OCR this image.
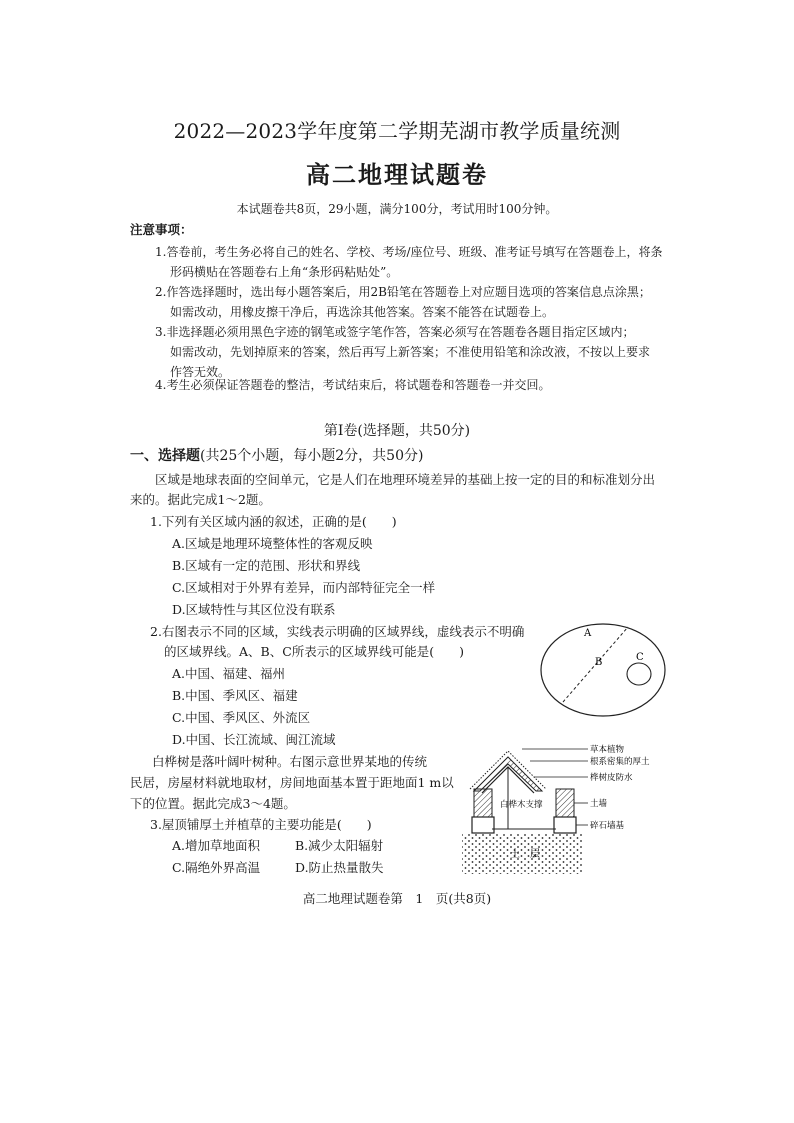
2022—2023学年度第二学期芜湖市教学质量统测
高二地理试题卷
本试题卷共8页，29小题，满分100分，考试用时100分钟。
注意事项：
1.答卷前，考生务必将自己的姓名、学校、考场/座位号、班级、准考证号填写在答题卷上，将条
形码横贴在答题卷右上角“条形码粘贴处”。
2.作答选择题时，选出每小题答案后，用2B铅笔在答题卷上对应题目选项的答案信息点涂黑；
如需改动，用橡皮擦干净后，再选涂其他答案。答案不能答在试题卷上。
3.非选择题必须用黑色字迹的钢笔或签字笔作答，答案必须写在答题卷各题目指定区域内；
如需改动，先划掉原来的答案，然后再写上新答案；不准使用铅笔和涂改液，不按以上要求
作答无效。
4.考生必须保证答题卷的整洁，考试结束后，将试题卷和答题卷一并交回。
第Ⅰ卷(选择题，共50分)
一、选择题(共25个小题，每小题2分，共50分)
区域是地球表面的空间单元，它是人们在地理环境差异的基础上按一定的目的和标准划分出
来的。据此完成1～2题。
1.下列有关区域内涵的叙述，正确的是(　　)
A.区域是地理环境整体性的客观反映
B.区域有一定的范围、形状和界线
C.区域相对于外界有差异，而内部特征完全一样
D.区域特性与其区位没有联系
2.右图表示不同的区域，实线表示明确的区域界线，虚线表示不明确
的区域界线。A、B、C所表示的区域界线可能是(　　)
A.中国、福建、福州
B.中国、季风区、福建
C.中国、季风区、外流区
D.中国、长江流域、闽江流域
A
B	C
白桦树是落叶阔叶树种。右图示意世界某地的传统
民居，房屋材料就地取材，房间地面基本置于距地面1 m以
下的位置。据此完成3～4题。
3.屋顶铺厚土并植草的主要功能是(　　)
A.增加草地面积	B.减少太阳辐射
C.隔绝外界高温	D.防止热量散失
草本植物
根系密集的厚土
桦树皮防水
土墙
碎石墙基
白桦木支撑
土　层
高二地理试题卷第　1　页(共8页)
